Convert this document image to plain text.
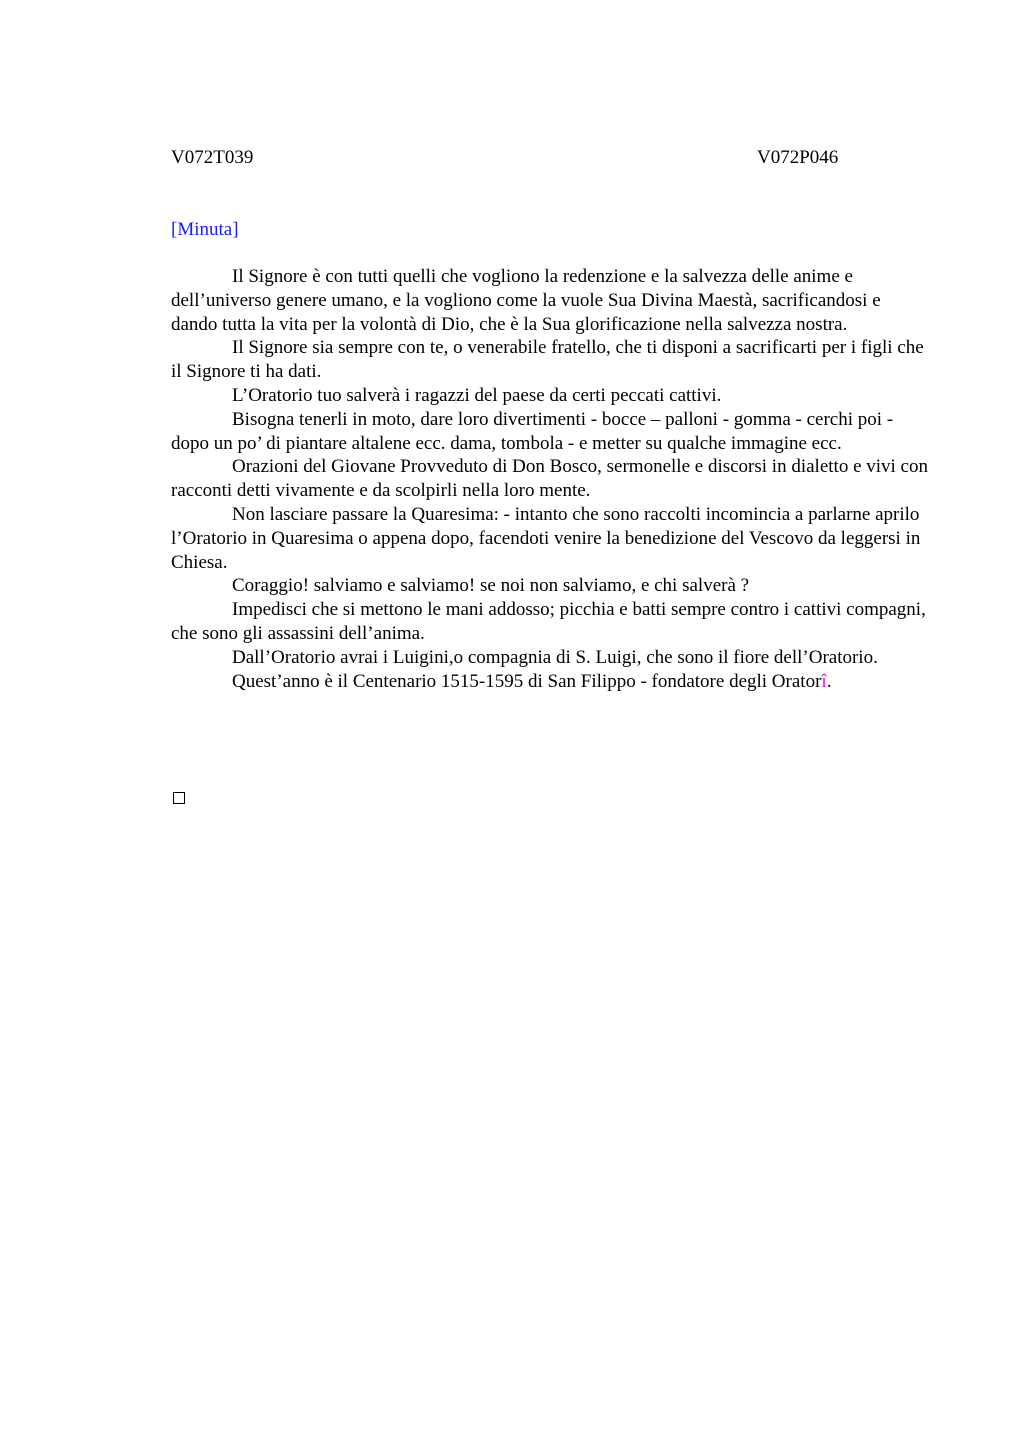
V072T039	V072P046
[Minuta]

Il Signore è con tutti quelli che vogliono la redenzione e la salvezza delle anime e dell’universo genere umano, e la vogliono come la vuole Sua Divina Maestà, sacrificandosi e dando tutta la vita per la volontà di Dio, che è la Sua glorificazione nella salvezza nostra.

Il Signore sia sempre con te, o venerabile fratello, che ti disponi a sacrificarti per i figli che il Signore ti ha dati.

L’Oratorio tuo salverà i ragazzi del paese da certi peccati cattivi.

Bisogna tenerli in moto, dare loro divertimenti - bocce – palloni - gomma - cerchi poi - dopo un po’ di piantare altalene ecc. dama, tombola - e metter su qualche immagine ecc.

Orazioni del Giovane Provveduto di Don Bosco, sermonelle e discorsi in dialetto e vivi con racconti detti vivamente e da scolpirli nella loro mente.

Non lasciare passare la Quaresima: - intanto che sono raccolti incomincia a parlarne aprilo l’Oratorio in Quaresima o appena dopo, facendoti venire la benedizione del Vescovo da leggersi in Chiesa.

Coraggio! salviamo e salviamo! se noi non salviamo, e chi salverà ?

Impedisci che si mettono le mani addosso; picchia e batti sempre contro i cattivi compagni, che sono gli assassini dell’anima.

Dall’Oratorio avrai i Luigini,o compagnia di S. Luigi, che sono il fiore dell’Oratorio.

Quest’anno è il Centenario 1515-1595 di San Filippo - fondatore degli Oratorî.
